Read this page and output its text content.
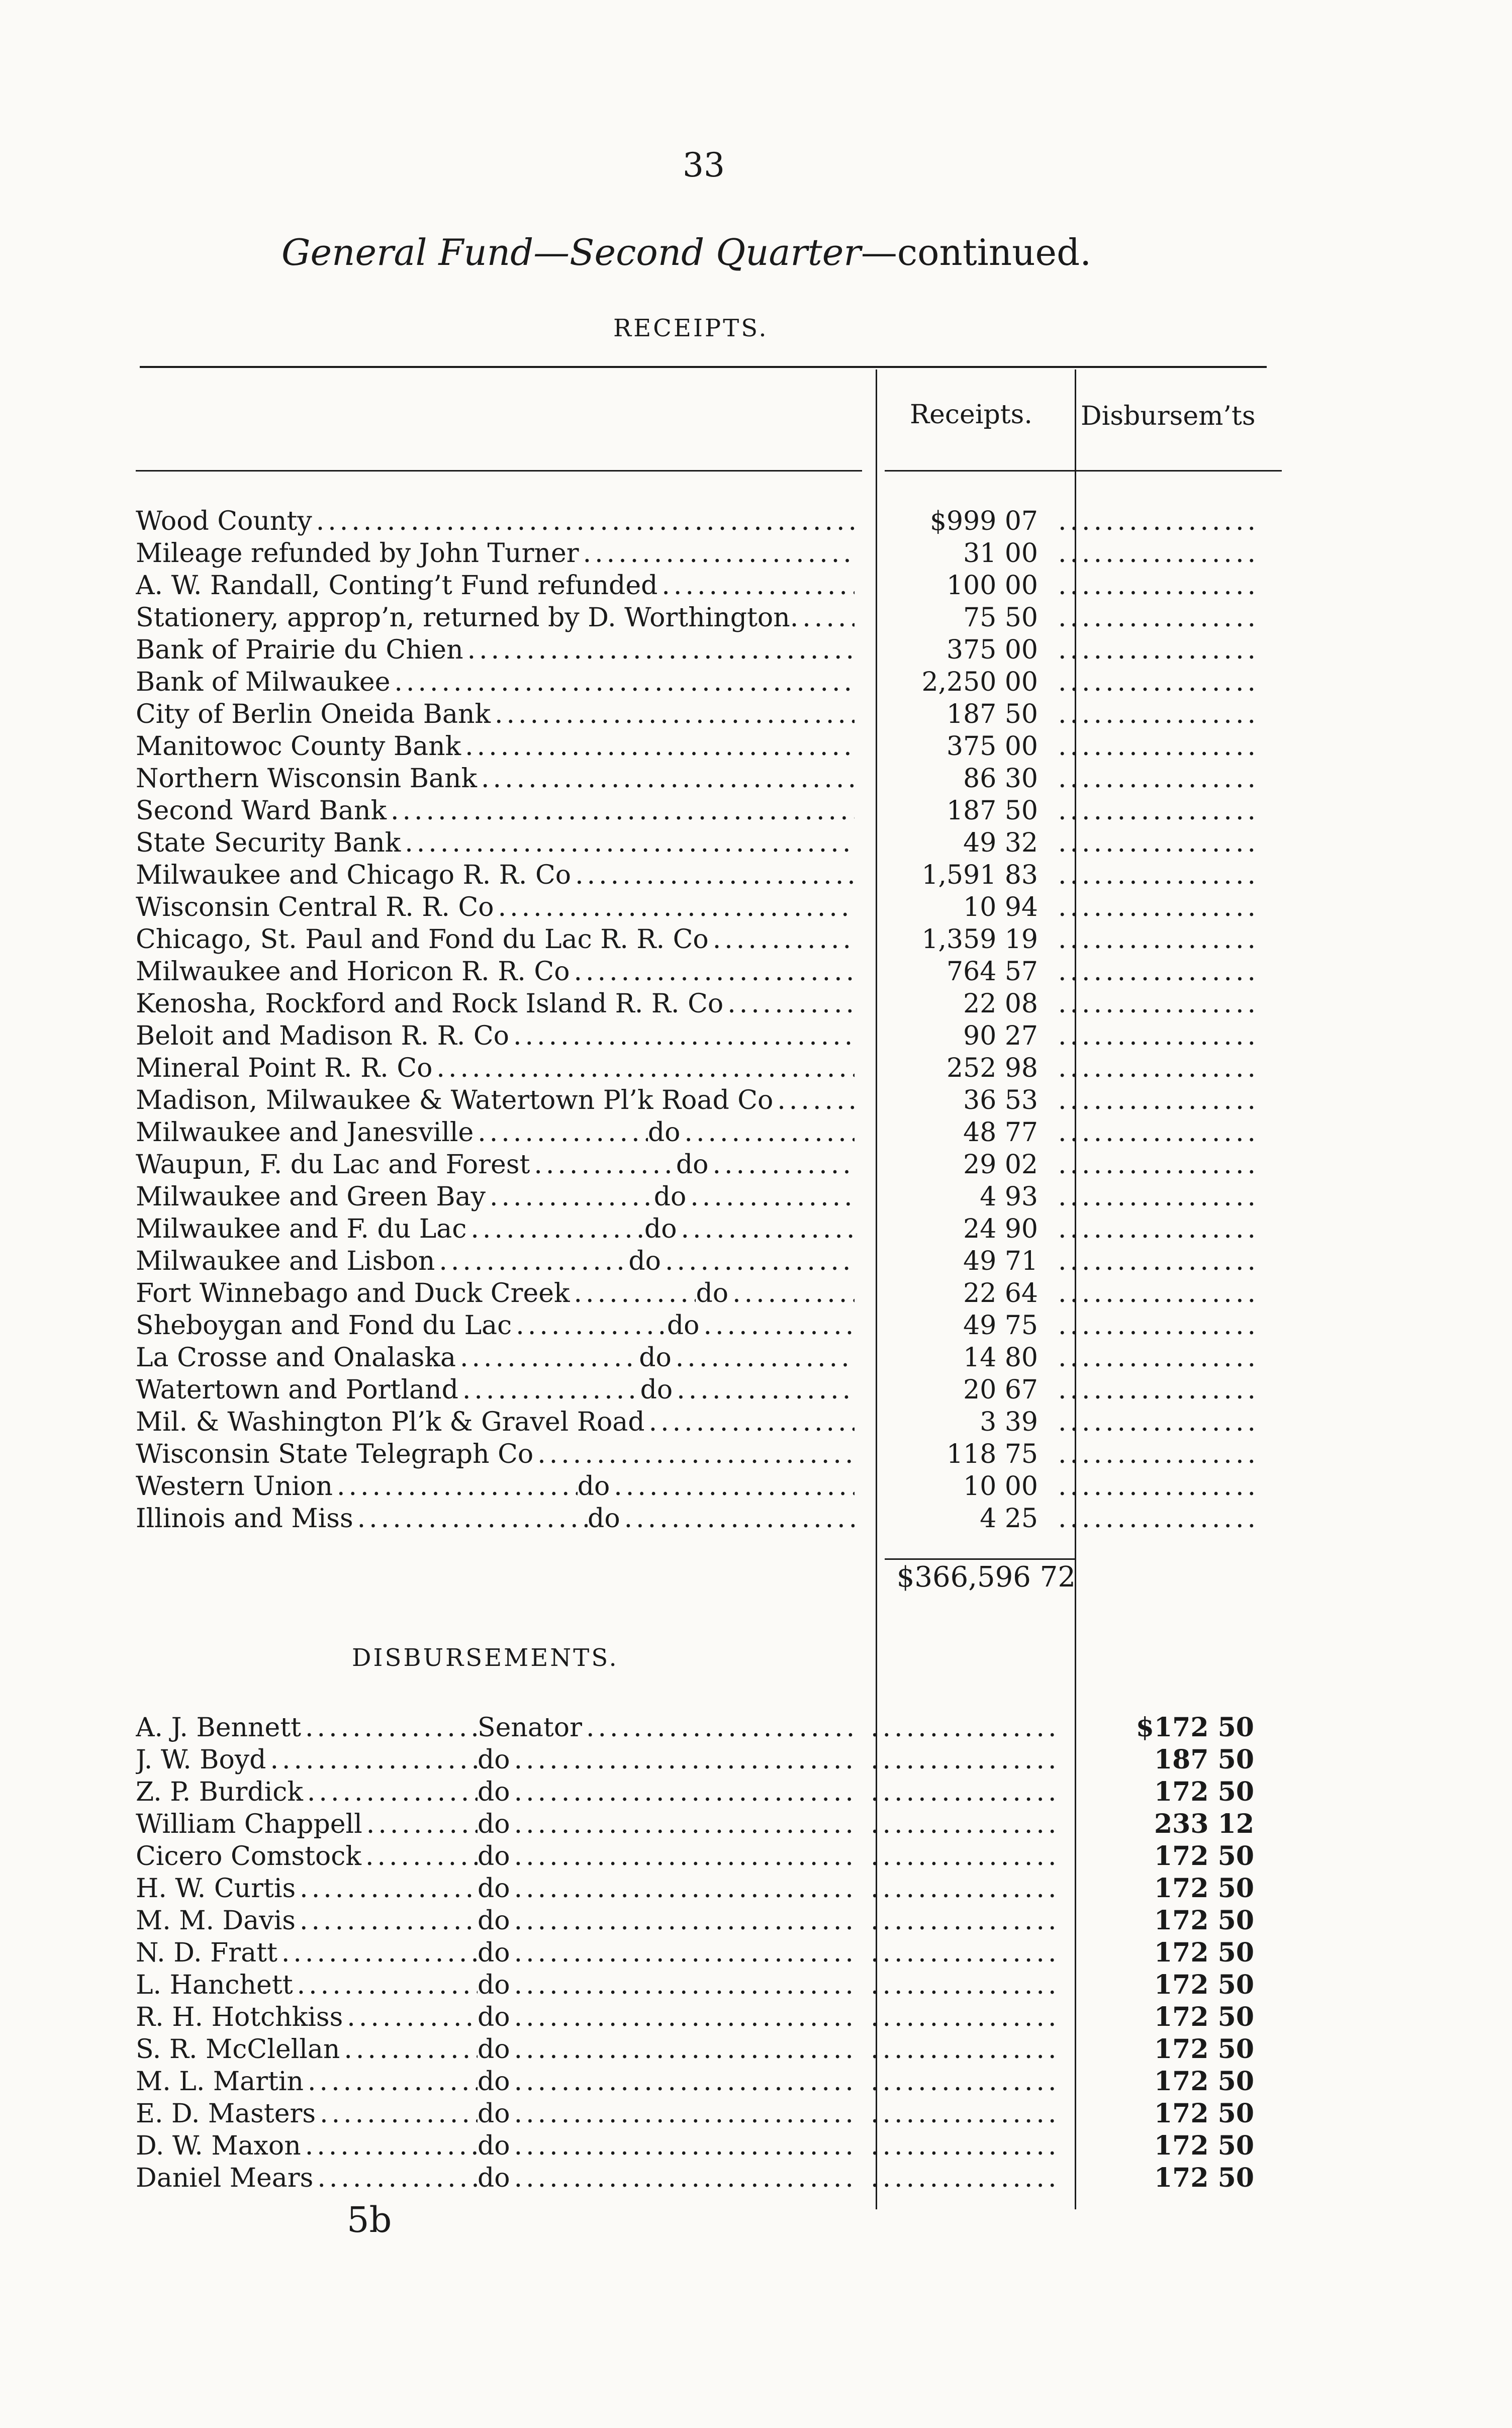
33
General Fund—Second Quarter—continued.
RECEIPTS.
Receipts. Disbursem’ts
Wood County .....	$999 07
.....
Mileage refunded by John Turner .....	31 00
.....
A. W. Randall, Conting’t Fund refunded .....	100 00
.....
Stationery, approp’n, returned by D. Worthington. .....	75 50
.....
Bank of Prairie du Chien .....	375 00
.....
Bank of Milwaukee .....	2,250 00
.....
City of Berlin Oneida Bank .....	187 50
.....
Manitowoc County Bank .....	375 00
.....
Northern Wisconsin Bank .....	86 30
.....
Second Ward Bank .....	187 50
.....
State Security Bank .....	49 32
.....
Milwaukee and Chicago R. R. Co .....	1,591 83
.....
Wisconsin Central R. R. Co .....	10 94
.....
Chicago, St. Paul and Fond du Lac R. R. Co .....	1,359 19
.....
Milwaukee and Horicon R. R. Co .....	764 57
.....
Kenosha, Rockford and Rock Island R. R. Co .....	22 08
.....
Beloit and Madison R. R. Co .....	90 27
.....
Mineral Point R. R. Co .....	252 98
.....
Madison, Milwaukee & Watertown Pl’k Road Co .....	36 53
.....
Milwaukee and Janesville .....	do .....	48 77
.....
Waupun, F. du Lac and Forest .....	do .....	29 02
.....
Milwaukee and Green Bay .....	do .....	4 93
.....
Milwaukee and F. du Lac .....	do .....	24 90
.....
Milwaukee and Lisbon .....	do .....	49 71
.....
Fort Winnebago and Duck Creek .....	do .....	22 64
.....
Sheboygan and Fond du Lac .....	do .....	49 75
.....
La Crosse and Onalaska .....	do .....	14 80
.....
Watertown and Portland .....	do .....	20 67
.....
Mil. & Washington Pl’k & Gravel Road .....	3 39
.....
Wisconsin State Telegraph Co .....	118 75
.....
Western Union .....	do .....	10 00
.....
Illinois and Miss .....	do .....	4 25
.....
$366,596 72
DISBURSEMENTS.
A. J. Bennett .....	Senator ..... .....	$172 50
J. W. Boyd .....	do ..... .....	187 50
Z. P. Burdick .....	do ..... .....	172 50
William Chappell .....	do ..... .....	233 12
Cicero Comstock .....	do ..... .....	172 50
H. W. Curtis .....	do ..... .....	172 50
M. M. Davis .....	do ..... .....	172 50
N. D. Fratt .....	do ..... .....	172 50
L. Hanchett .....	do ..... .....	172 50
R. H. Hotchkiss .....	do ..... .....	172 50
S. R. McClellan .....	do ..... .....	172 50
M. L. Martin .....	do ..... .....	172 50
E. D. Masters .....	do ..... .....	172 50
D. W. Maxon .....	do ..... .....	172 50
Daniel Mears .....	do ..... .....	172 50
5b
